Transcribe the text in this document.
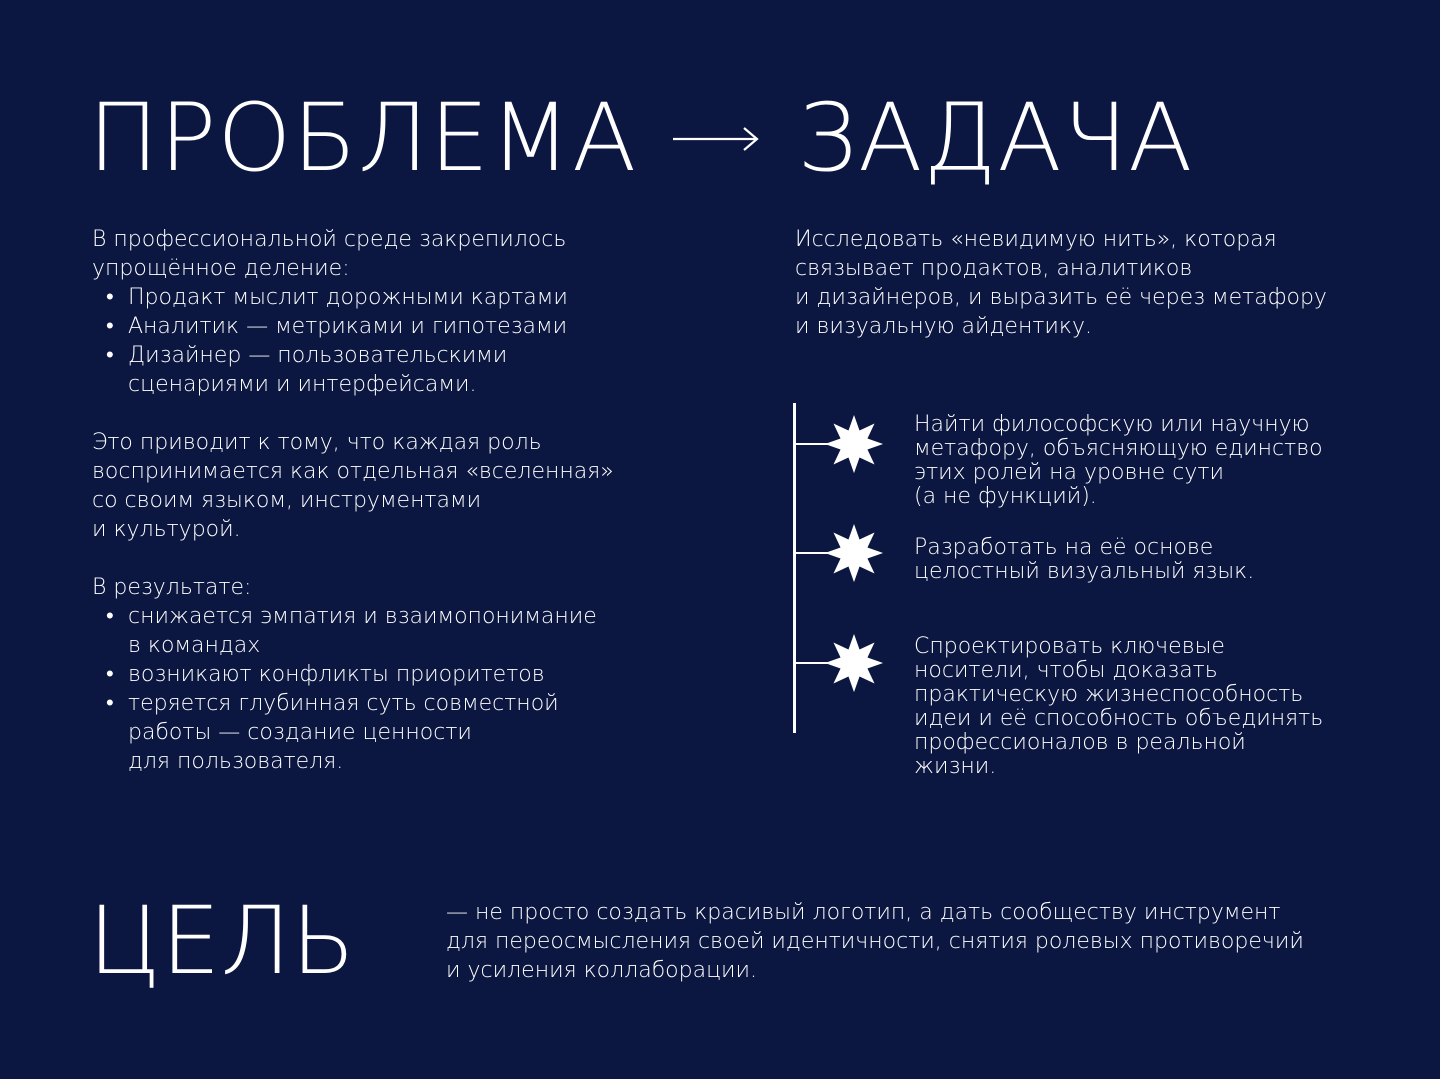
ПРОБЛЕМА ЗАДАЧА

В профессиональной среде закрепилось
упрощённое деление:

• Продакт мыслит дорожными картами
• Аналитик — метриками и гипотезами
• Дизайнер — пользовательскими
сценариями и интерфейсами.

Это приводит к тому, что каждая роль
воспринимается как отдельная «вселенная»
со своим языком, инструментами
и культурой.

В результате:

• снижается эмпатия и взаимопонимание
в командах
• возникают конфликты приоритетов
• теряется глубинная суть совместной
работы — создание ценности
для пользователя.

Исследовать «невидимую нить», которая
связывает продактов, аналитиков
и дизайнеров, и выразить её через метафору
и визуальную айдентику.

Найти философскую или научную
метафору, объясняющую единство
этих ролей на уровне сути
(а не функций).
Разработать на её основе
целостный визуальный язык.
Спроектировать ключевые
носители, чтобы доказать
практическую жизнеспособность
идеи и её способность объединять
профессионалов в реальной
жизни.
ЦЕЛЬ	— не просто создать красивый логотип, а дать сообществу инструмент
для переосмысления своей идентичности, снятия ролевых противоречий
и усиления коллаборации.
